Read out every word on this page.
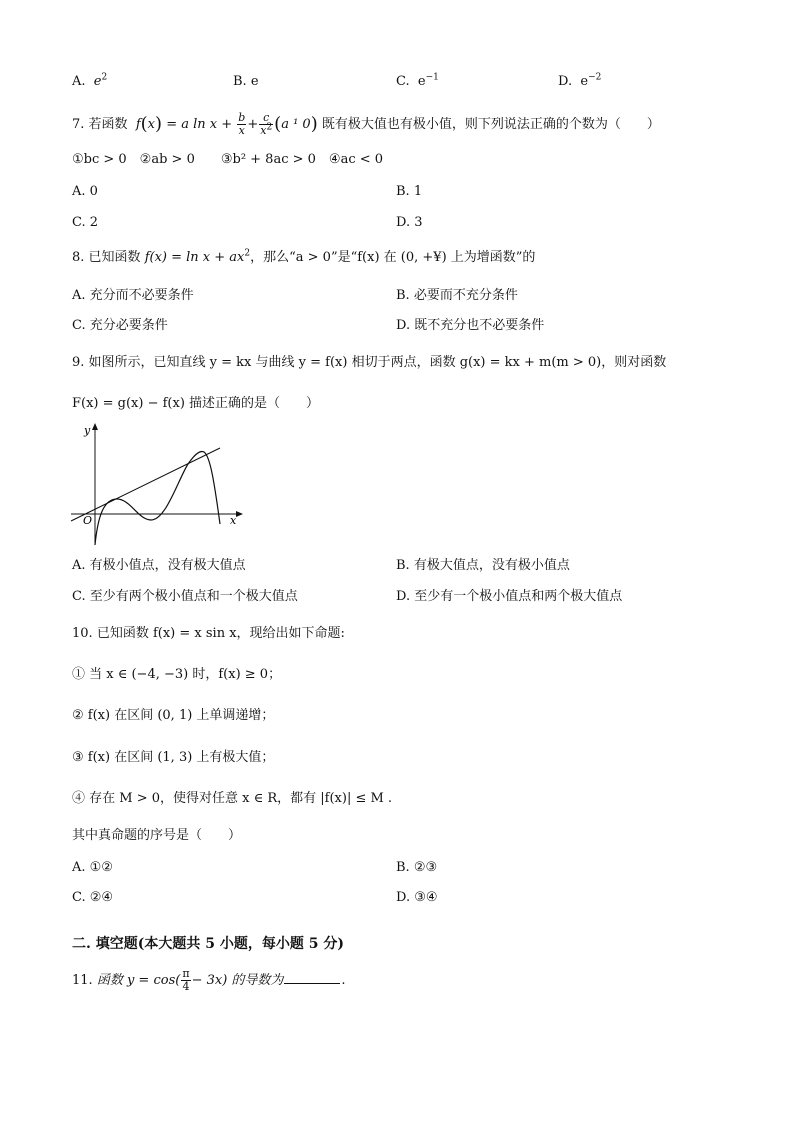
A. $e^2$	B. e	C. $e^{-1}$	D. $e^{-2}$
7. 若函数 f(x) = a $\ln x + \frac{b}{x} + \frac{c}{x^2} (a$ ¹ 0) 既有极大值也有极小值，则下列说法正确的个数为（　　）
①bc > 0　②ab > 0　　③b² + 8ac > 0　④ac < 0
A. 0	B. 1
C. 2	D. 3
8. 已知函数 $f(x) = \ln x + ax^2$，那么“a > 0”是“f(x) 在 (0, +¥) 上为增函数”的
A. 充分而不必要条件	B. 必要而不充分条件
C. 充分必要条件	D. 既不充分也不必要条件
9. 如图所示，已知直线 y = kx 与曲线 y = f(x) 相切于两点，函数 g(x) = kx + m(m > 0)，则对函数
F(x) = g(x) − f(x) 描述正确的是（　　）
y
x
O
A. 有极小值点，没有极大值点	B. 有极大值点，没有极小值点
C. 至少有两个极小值点和一个极大值点	D. 至少有一个极小值点和两个极大值点
10. 已知函数 f(x) = x sin x，现给出如下命题:
① 当 x ∈ (−4, −3) 时，f(x) ≥ 0；
② f(x) 在区间 (0, 1) 上单调递增；
③ f(x) 在区间 (1, 3) 上有极大值；
④ 存在 M > 0，使得对任意 x ∈ R，都有 |f(x)| ≤ M .
其中真命题的序号是（　　）
A. ①②	B. ②③
C. ②④	D. ③④
二. 填空题(本大题共 5 小题，每小题 5 分)
11. 函数 $y = \cos( \frac{\pi}{4} - 3x)$ 的导数为	.
